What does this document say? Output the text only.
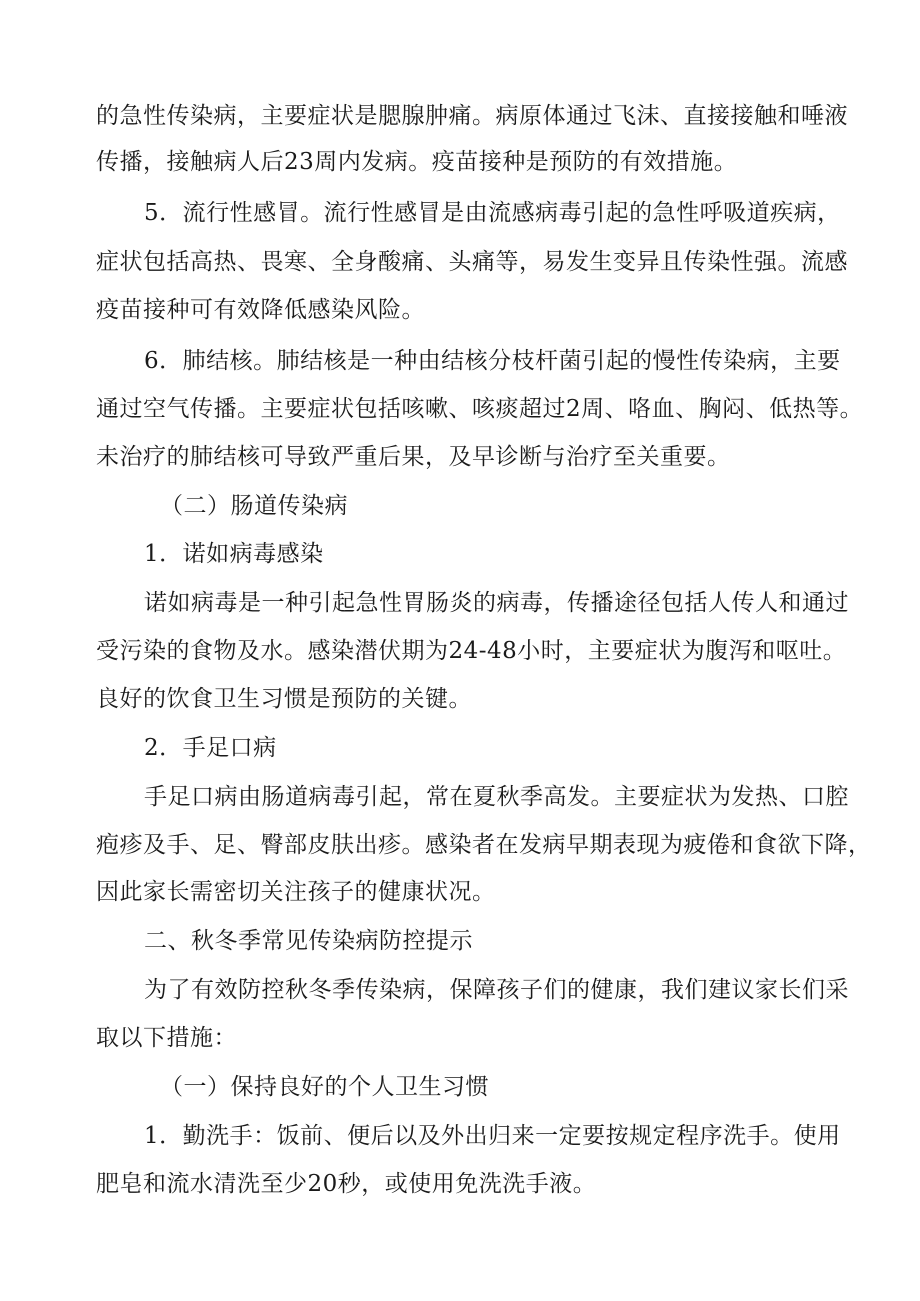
的急性传染病，主要症状是腮腺肿痛。病原体通过飞沫、直接接触和唾液
传播，接触病人后23周内发病。疫苗接种是预防的有效措施。
5．流行性感冒。流行性感冒是由流感病毒引起的急性呼吸道疾病，
症状包括高热、畏寒、全身酸痛、头痛等，易发生变异且传染性强。流感
疫苗接种可有效降低感染风险。
6．肺结核。肺结核是一种由结核分枝杆菌引起的慢性传染病，主要
通过空气传播。主要症状包括咳嗽、咳痰超过2周、咯血、胸闷、低热等。
未治疗的肺结核可导致严重后果，及早诊断与治疗至关重要。
（二）肠道传染病
1．诺如病毒感染
诺如病毒是一种引起急性胃肠炎的病毒，传播途径包括人传人和通过
受污染的食物及水。感染潜伏期为24-48小时，主要症状为腹泻和呕吐。
良好的饮食卫生习惯是预防的关键。
2．手足口病
手足口病由肠道病毒引起，常在夏秋季高发。主要症状为发热、口腔
疱疹及手、足、臀部皮肤出疹。感染者在发病早期表现为疲倦和食欲下降，
因此家长需密切关注孩子的健康状况。
二、秋冬季常见传染病防控提示
为了有效防控秋冬季传染病，保障孩子们的健康，我们建议家长们采
取以下措施：
（一）保持良好的个人卫生习惯
1．勤洗手：饭前、便后以及外出归来一定要按规定程序洗手。使用
肥皂和流水清洗至少20秒，或使用免洗洗手液。
